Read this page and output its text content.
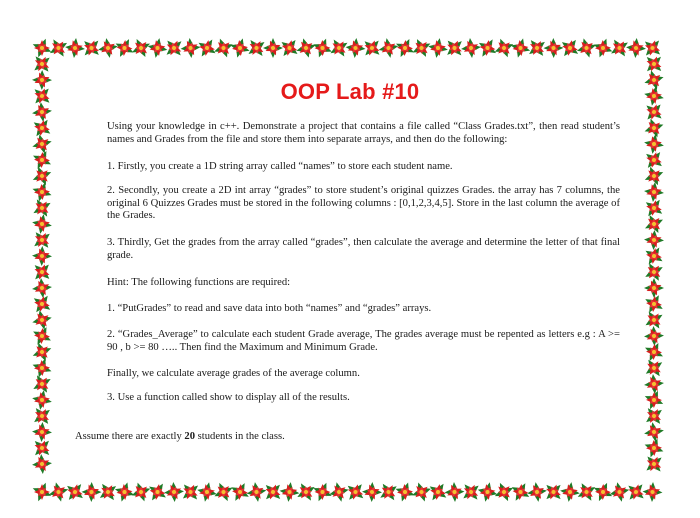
OOP Lab #10

Using your knowledge in c++. Demonstrate a project that contains a file called “Class Grades.txt”, then read student’s names and Grades from the file and store them into separate arrays, and then do the following:

1. Firstly, you create a 1D string array called “names” to store each student name.

2. Secondly, you create a 2D int array “grades” to store student’s original quizzes Grades. the array has 7 columns, the original 6 Quizzes Grades must be stored in the following columns : [0,1,2,3,4,5]. Store in the last column the average of the Grades.

3. Thirdly, Get the grades from the array called “grades”, then calculate the average and determine the letter of that final grade.

Hint: The following functions are required:

1. “PutGrades” to read and save data into both “names” and “grades” arrays.

2. “Grades_Average” to calculate each student Grade average, The grades average must be repented as letters e.g : A >= 90 , b >= 80 ….. Then find the Maximum and Minimum Grade.

Finally, we calculate average grades of the average column.

3. Use a function called show to display all of the results.

Assume there are exactly 20 students in the class.
